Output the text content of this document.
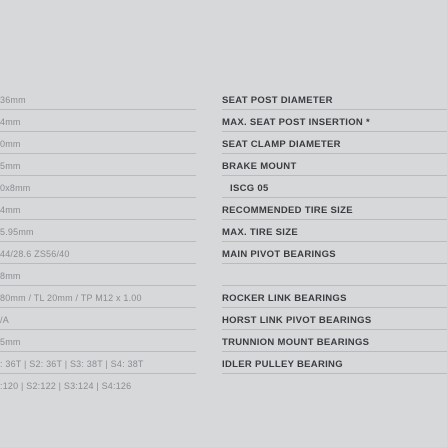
36mm
4mm
0mm
5mm
0x8mm
4mm
5.95mm
44/28.6 ZS56/40
8mm
80mm / TL 20mm / TP M12 x 1.00
/A
5mm
: 36T | S2: 36T | S3: 38T | S4: 38T
:120 | S2:122 | S3:124 | S4:126
SEAT POST DIAMETER
MAX. SEAT POST INSERTION *
SEAT CLAMP DIAMETER
BRAKE MOUNT
ISCG 05
RECOMMENDED TIRE SIZE
MAX. TIRE SIZE
MAIN PIVOT BEARINGS
ROCKER LINK BEARINGS
HORST LINK PIVOT BEARINGS
TRUNNION MOUNT BEARINGS
IDLER PULLEY BEARING
